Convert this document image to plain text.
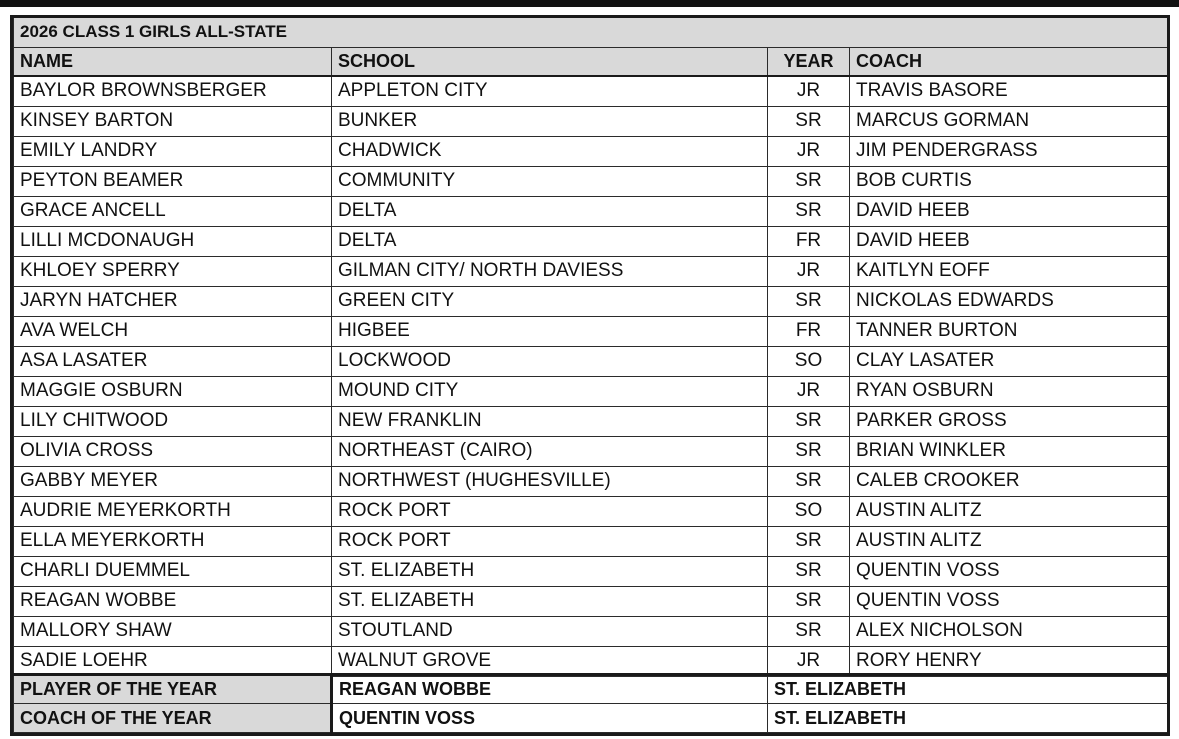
2026 CLASS 1 GIRLS ALL-STATE			
NAME	SCHOOL	YEAR	COACH
BAYLOR BROWNSBERGER	APPLETON CITY	JR	TRAVIS BASORE
KINSEY BARTON	BUNKER	SR	MARCUS GORMAN
EMILY LANDRY	CHADWICK	JR	JIM PENDERGRASS
PEYTON BEAMER	COMMUNITY	SR	BOB CURTIS
GRACE ANCELL	DELTA	SR	DAVID HEEB
LILLI MCDONAUGH	DELTA	FR	DAVID HEEB
KHLOEY SPERRY	GILMAN CITY/ NORTH DAVIESS	JR	KAITLYN EOFF
JARYN HATCHER	GREEN CITY	SR	NICKOLAS EDWARDS
AVA WELCH	HIGBEE	FR	TANNER BURTON
ASA LASATER	LOCKWOOD	SO	CLAY LASATER
MAGGIE OSBURN	MOUND CITY	JR	RYAN OSBURN
LILY CHITWOOD	NEW FRANKLIN	SR	PARKER GROSS
OLIVIA CROSS	NORTHEAST (CAIRO)	SR	BRIAN WINKLER
GABBY MEYER	NORTHWEST (HUGHESVILLE)	SR	CALEB CROOKER
AUDRIE MEYERKORTH	ROCK PORT	SO	AUSTIN ALITZ
ELLA MEYERKORTH	ROCK PORT	SR	AUSTIN ALITZ
CHARLI DUEMMEL	ST. ELIZABETH	SR	QUENTIN VOSS
REAGAN WOBBE	ST. ELIZABETH	SR	QUENTIN VOSS
MALLORY SHAW	STOUTLAND	SR	ALEX NICHOLSON
SADIE LOEHR	WALNUT GROVE	JR	RORY HENRY
PLAYER OF THE YEAR	REAGAN WOBBE	ST. ELIZABETH
COACH OF THE YEAR	QUENTIN VOSS	ST. ELIZABETH
